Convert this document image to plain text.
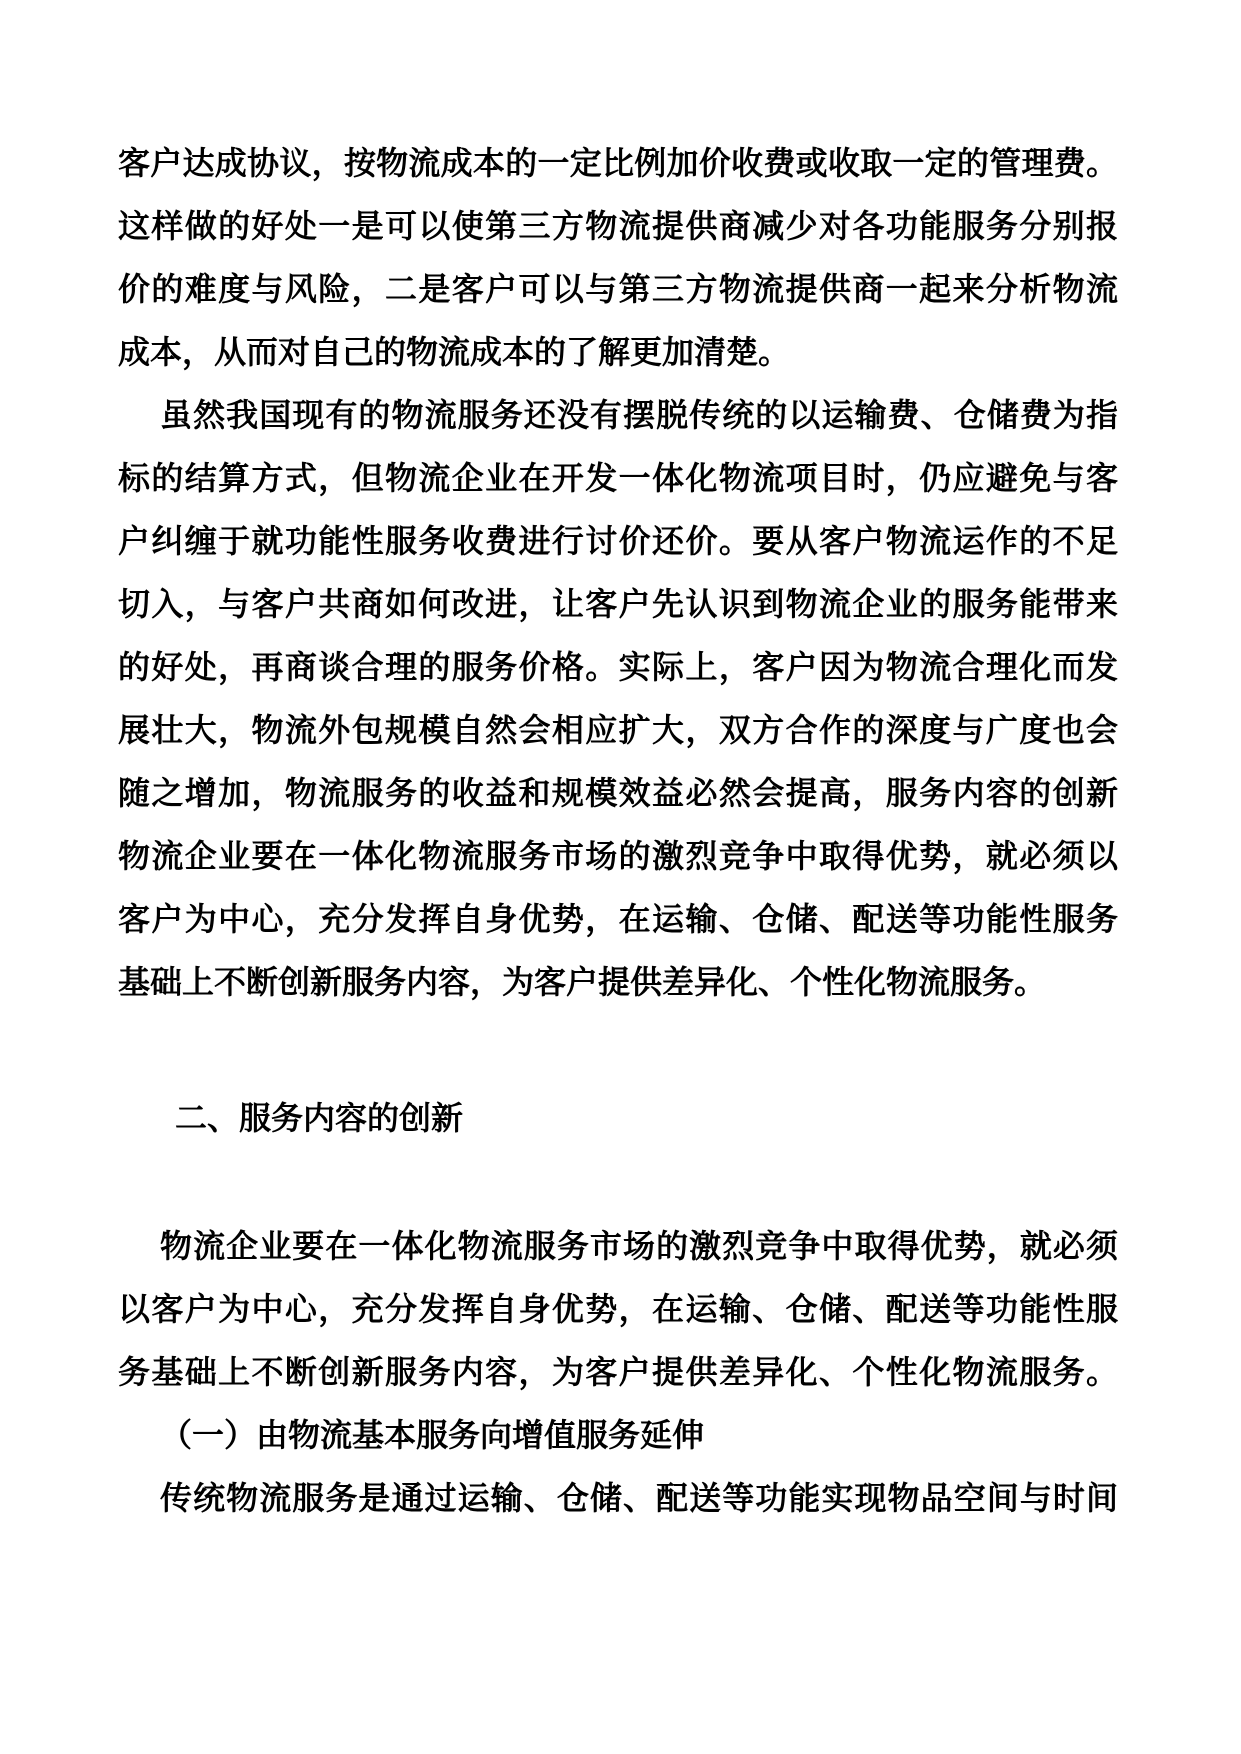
客户达成协议，按物流成本的一定比例加价收费或收取一定的管理费。
这样做的好处一是可以使第三方物流提供商减少对各功能服务分别报
价的难度与风险，二是客户可以与第三方物流提供商一起来分析物流
成本，从而对自己的物流成本的了解更加清楚。
虽然我国现有的物流服务还没有摆脱传统的以运输费、仓储费为指
标的结算方式，但物流企业在开发一体化物流项目时，仍应避免与客
户纠缠于就功能性服务收费进行讨价还价。要从客户物流运作的不足
切入，与客户共商如何改进，让客户先认识到物流企业的服务能带来
的好处，再商谈合理的服务价格。实际上，客户因为物流合理化而发
展壮大，物流外包规模自然会相应扩大，双方合作的深度与广度也会
随之增加，物流服务的收益和规模效益必然会提高，服务内容的创新
物流企业要在一体化物流服务市场的激烈竞争中取得优势，就必须以
客户为中心，充分发挥自身优势，在运输、仓储、配送等功能性服务
基础上不断创新服务内容，为客户提供差异化、个性化物流服务。
二、服务内容的创新
物流企业要在一体化物流服务市场的激烈竞争中取得优势，就必须
以客户为中心，充分发挥自身优势，在运输、仓储、配送等功能性服
务基础上不断创新服务内容，为客户提供差异化、个性化物流服务。
（一）由物流基本服务向增值服务延伸
传统物流服务是通过运输、仓储、配送等功能实现物品空间与时间
